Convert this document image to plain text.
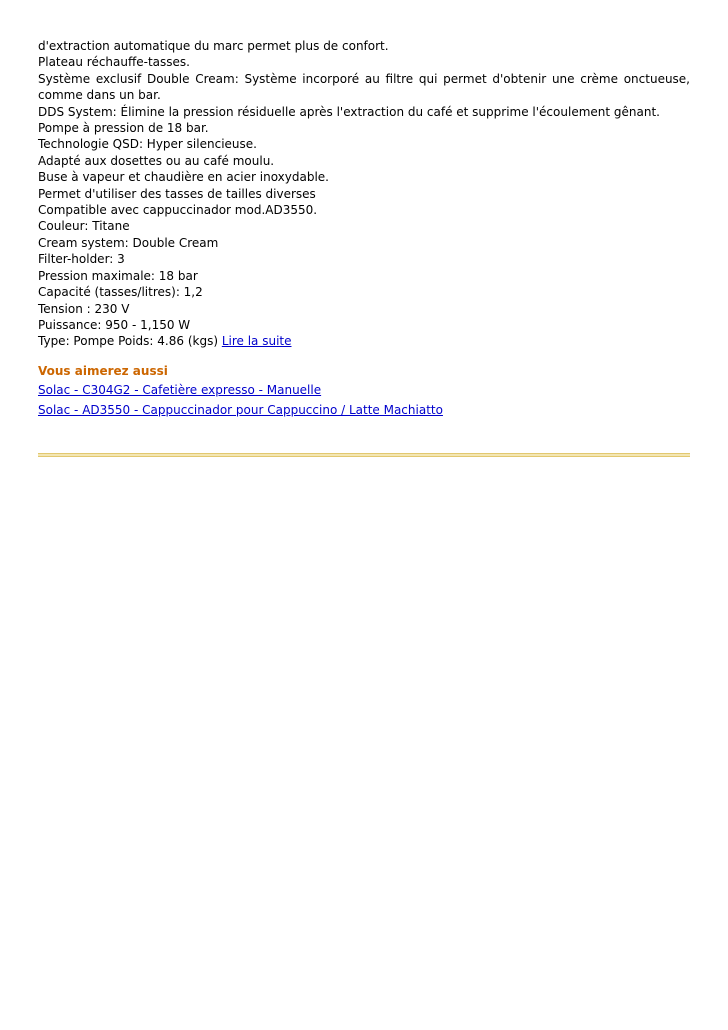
d'extraction automatique du marc permet plus de confort.
Plateau réchauffe-tasses.
Système exclusif Double Cream: Système incorporé au filtre qui permet d'obtenir une crème onctueuse,
comme dans un bar.
DDS System: Élimine la pression résiduelle après l'extraction du café et supprime l'écoulement gênant.
Pompe à pression de 18 bar.
Technologie QSD: Hyper silencieuse.
Adapté aux dosettes ou au café moulu.
Buse à vapeur et chaudière en acier inoxydable.
Permet d'utiliser des tasses de tailles diverses
Compatible avec cappuccinador mod.AD3550.
Couleur: Titane
Cream system: Double Cream
Filter-holder: 3
Pression maximale: 18 bar
Capacité (tasses/litres): 1,2
Tension : 230 V
Puissance: 950 - 1,150 W
Type: Pompe Poids: 4.86 (kgs) Lire la suite
Vous aimerez aussi
Solac - C304G2 - Cafetière expresso - Manuelle
Solac - AD3550 - Cappuccinador pour Cappuccino / Latte Machiatto
